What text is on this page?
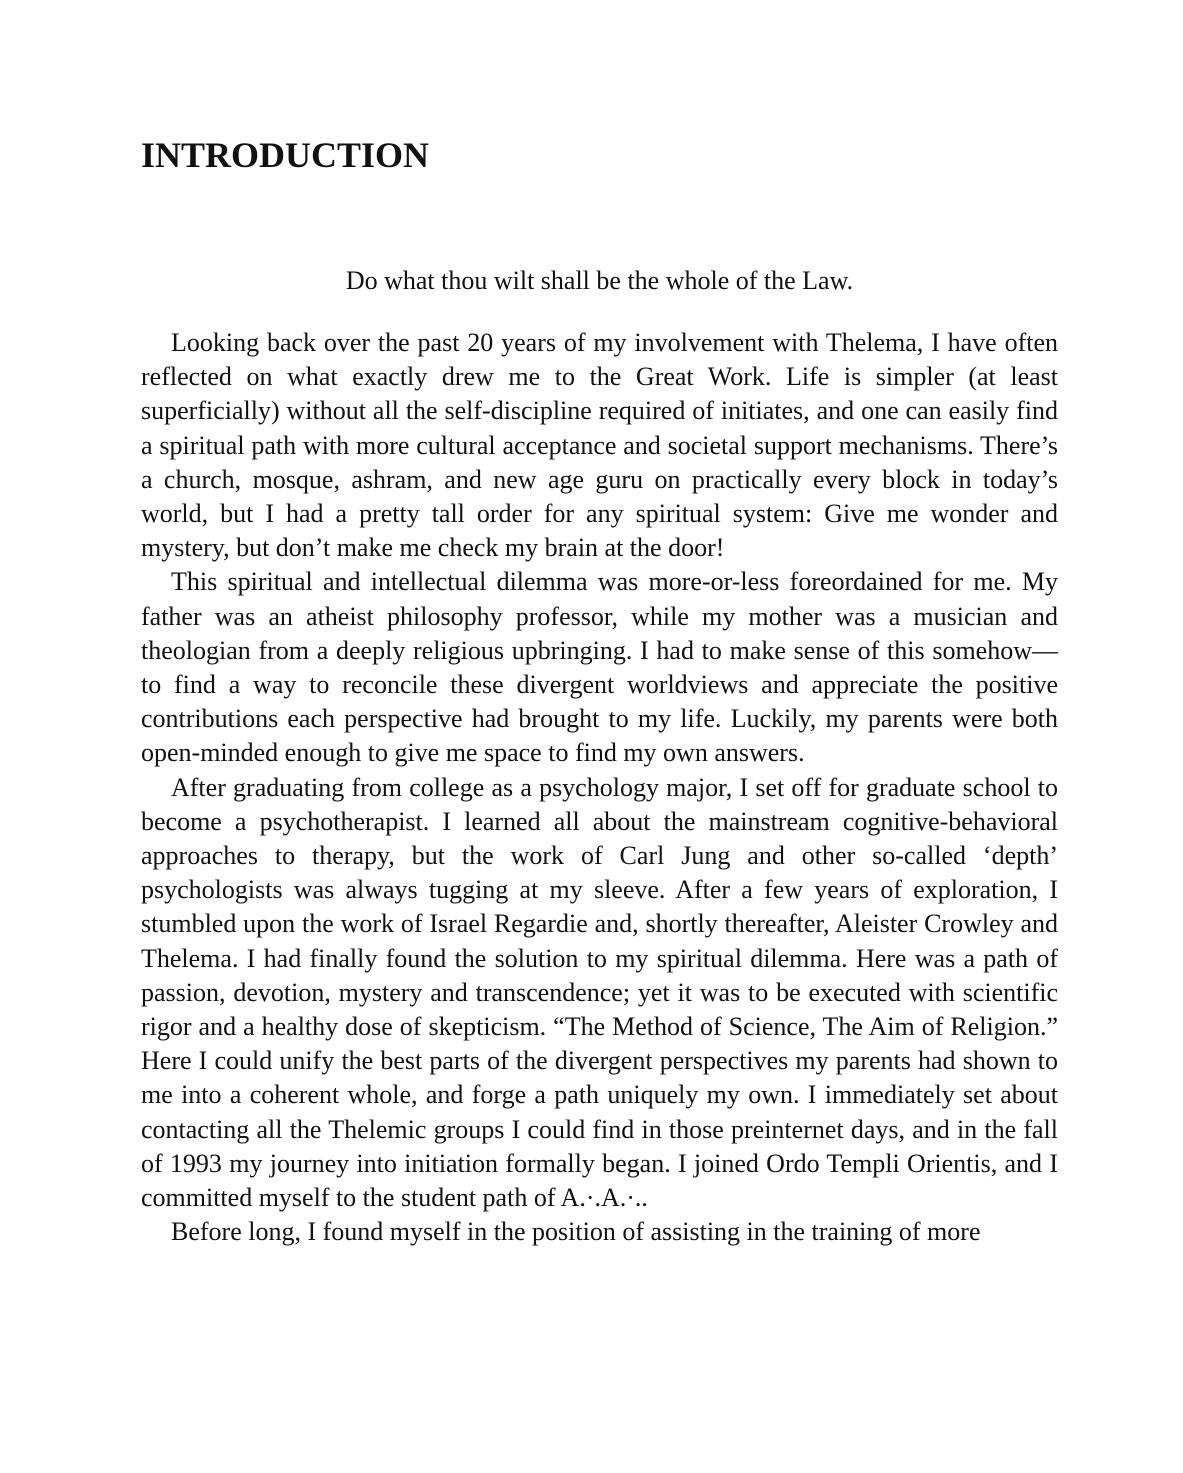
INTRODUCTION

Do what thou wilt shall be the whole of the Law.

Looking back over the past 20 years of my involvement with Thelema, I have often reflected on what exactly drew me to the Great Work. Life is simpler (at least superficially) without all the self-discipline required of initiates, and one can easily find a spiritual path with more cultural acceptance and societal support mechanisms. There’s a church, mosque, ashram, and new age guru on practically every block in today’s world, but I had a pretty tall order for any spiritual system: Give me wonder and mystery, but don’t make me check my brain at the door!

This spiritual and intellectual dilemma was more-or-less foreordained for me. My father was an atheist philosophy professor, while my mother was a musician and theologian from a deeply religious upbringing. I had to make sense of this somehow—to find a way to reconcile these divergent worldviews and appreciate the positive contributions each perspective had brought to my life. Luckily, my parents were both open-minded enough to give me space to find my own answers.

After graduating from college as a psychology major, I set off for graduate school to become a psychotherapist. I learned all about the mainstream cognitive-behavioral approaches to therapy, but the work of Carl Jung and other so-called ‘depth’ psychologists was always tugging at my sleeve. After a few years of exploration, I stumbled upon the work of Israel Regardie and, shortly thereafter, Aleister Crowley and Thelema. I had finally found the solution to my spiritual dilemma. Here was a path of passion, devotion, mystery and transcendence; yet it was to be executed with scientific rigor and a healthy dose of skepticism. “The Method of Science, The Aim of Religion.” Here I could unify the best parts of the divergent perspectives my parents had shown to me into a coherent whole, and forge a path uniquely my own. I immediately set about contacting all the Thelemic groups I could find in those preinternet days, and in the fall of 1993 my journey into initiation formally began. I joined Ordo Templi Orientis, and I committed myself to the student path of A.·.A.·..

Before long, I found myself in the position of assisting in the training of more
